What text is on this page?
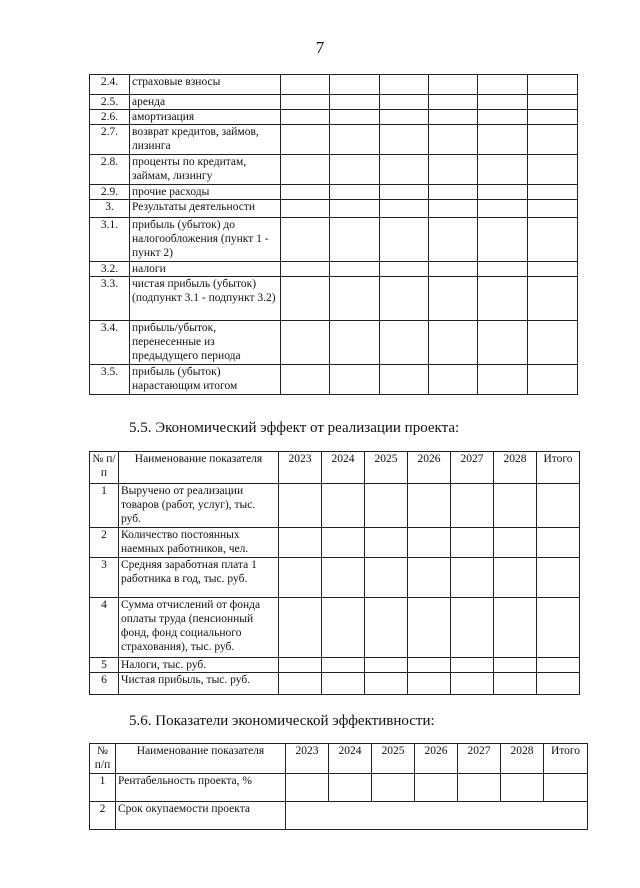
7
2.4.	страховые взносы						
2.5.	аренда						
2.6.	амортизация						
2.7.	возврат кредитов, займов, лизинга						
2.8.	проценты по кредитам, займам, лизингу						
2.9.	прочие расходы						
3.	Результаты деятельности						
3.1.	прибыль (убыток) до налогообложения (пункт 1 - пункт 2)						
3.2.	налоги						
3.3.	чистая прибыль (убыток) (подпункт 3.1 - подпункт 3.2)						
3.4.	прибыль/убыток, перенесенные из предыдущего периода						
3.5.	прибыль (убыток) нарастающим итогом						
5.5. Экономический эффект от реализации проекта:
№ п/п	Наименование показателя	2023	2024	2025	2026	2027	2028	Итого
1	Выручено от реализации товаров (работ, услуг), тыс. руб.							
2	Количество постоянных наемных работников, чел.							
3	Средняя заработная плата 1 работника в год, тыс. руб.							
4	Сумма отчислений от фонда оплаты труда (пенсионный фонд, фонд социального страхования), тыс. руб.							
5	Налоги, тыс. руб.							
6	Чистая прибыль, тыс. руб.							
5.6. Показатели экономической эффективности:
№ п/п	Наименование показателя	2023	2024	2025	2026	2027	2028	Итого
1	Рентабельность проекта, %							
2	Срок окупаемости проекта							
